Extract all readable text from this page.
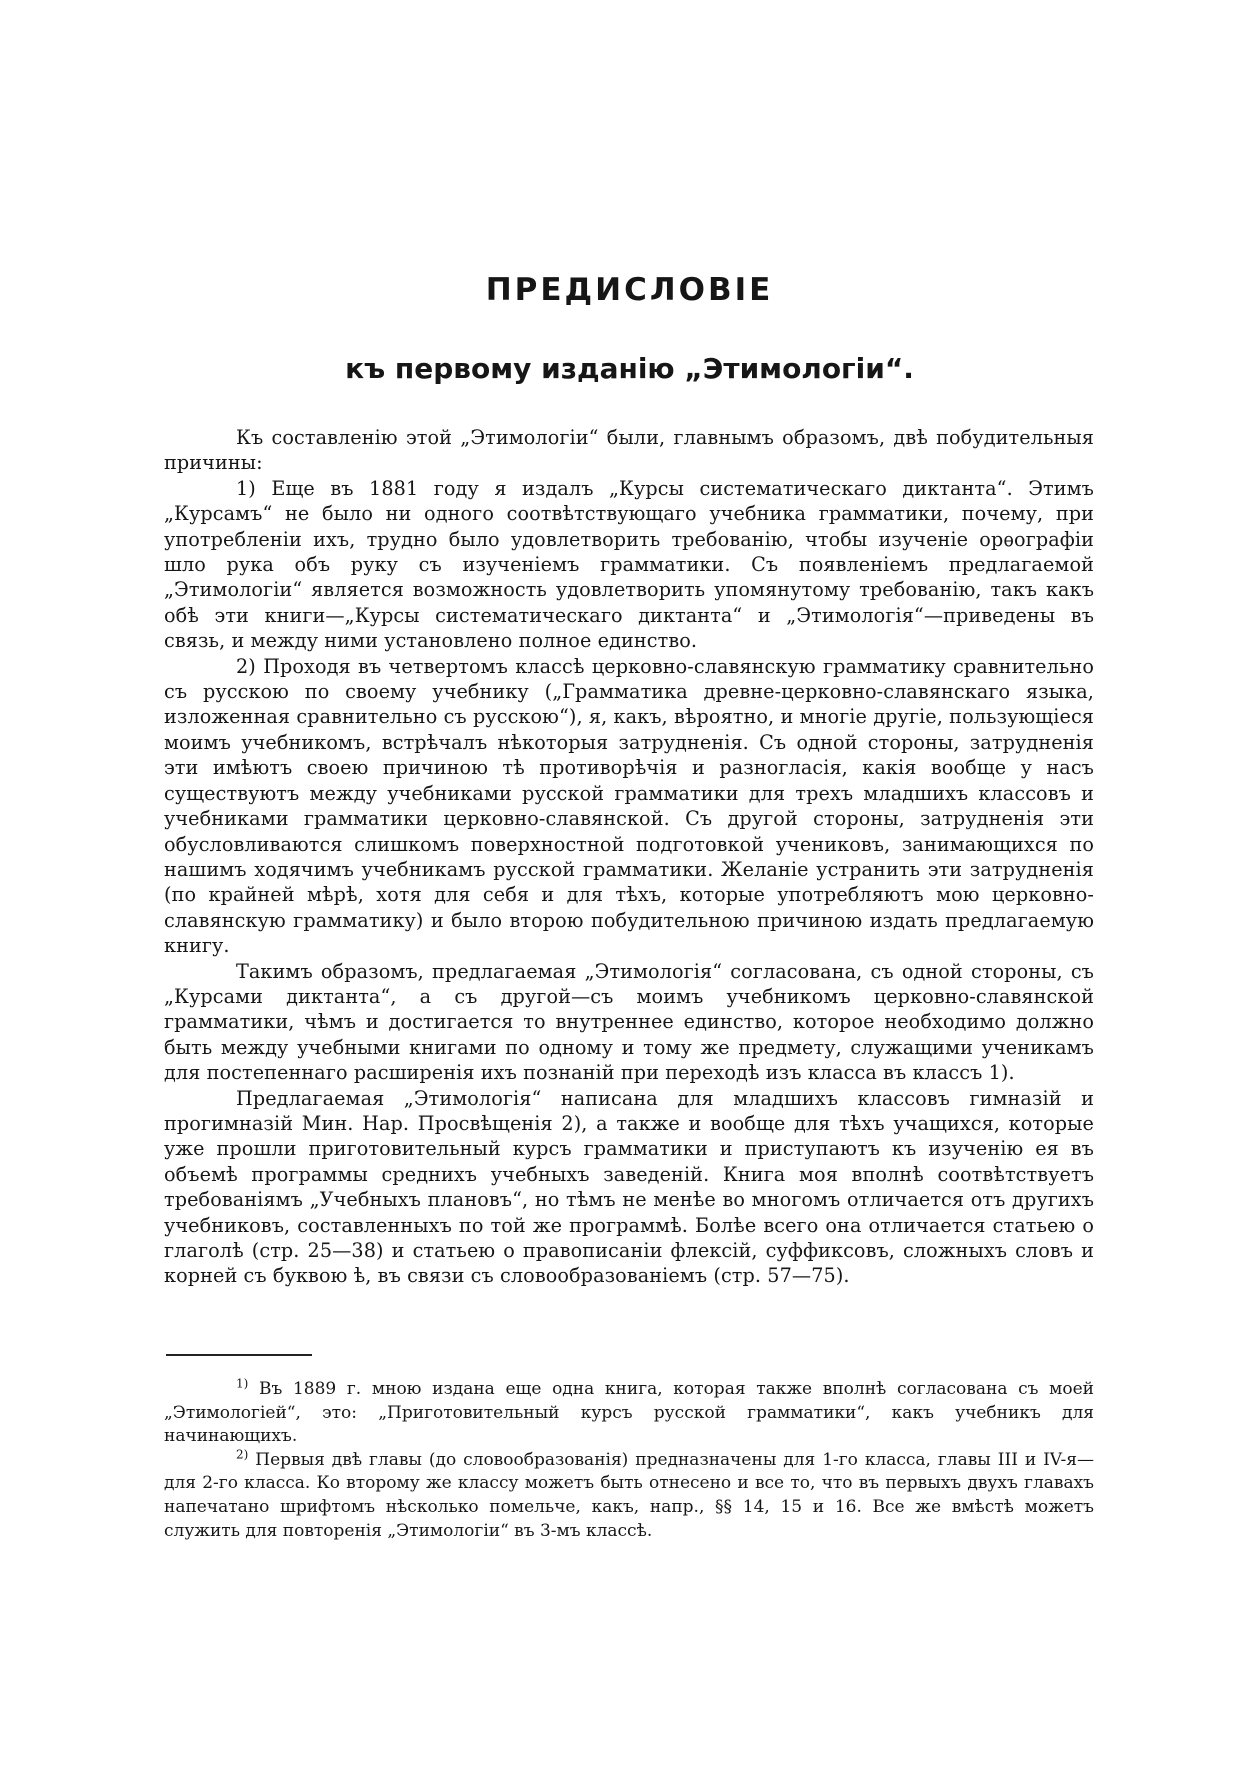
ПРЕДИСЛОВІЕ
къ первому изданію „Этимологіи“.

Къ составленію этой „Этимологіи“ были, главнымъ образомъ, двѣ побудительныя причины:

1) Еще въ 1881 году я издалъ „Курсы систематическаго диктанта“. Этимъ „Курсамъ“ не было ни одного соотвѣтствующаго учебника грамматики, почему, при употребленіи ихъ, трудно было удовлетворить требованію, чтобы изученіе орѳографіи шло рука объ руку съ изученіемъ грамматики. Съ появленіемъ предлагаемой „Этимологіи“ является возможность удовлетворить упомянутому требованію, такъ какъ обѣ эти книги—„Курсы систематическаго диктанта“ и „Этимологія“—приведены въ связь, и между ними установлено полное единство.

2) Проходя въ четвертомъ классѣ церковно-славянскую грамматику сравнительно съ русскою по своему учебнику („Грамматика древне-церковно-славянскаго языка, изложенная сравнительно съ русскою“), я, какъ, вѣроятно, и многіе другіе, пользующіеся моимъ учебникомъ, встрѣчалъ нѣкоторыя затрудненія. Съ одной стороны, затрудненія эти имѣютъ своею причиною тѣ противорѣчія и разногласія, какія вообще у насъ существуютъ между учебниками русской грамматики для трехъ младшихъ классовъ и учебниками грамматики церковно-славянской. Съ другой стороны, затрудненія эти обусловливаются слишкомъ поверхностной подготовкой учениковъ, занимающихся по нашимъ ходячимъ учебникамъ русской грамматики. Желаніе устранить эти затрудненія (по крайней мѣрѣ, хотя для себя и для тѣхъ, которые употребляютъ мою церковно-славянскую грамматику) и было второю побудительною причиною издать предлагаемую книгу.

Такимъ образомъ, предлагаемая „Этимологія“ согласована, съ одной стороны, съ „Курсами диктанта“, а съ другой—съ моимъ учебникомъ церковно-славянской грамматики, чѣмъ и достигается то внутреннее единство, которое необходимо должно быть между учебными книгами по одному и тому же предмету, служащими ученикамъ для постепеннаго расширенія ихъ познаній при переходѣ изъ класса въ классъ 1).

Предлагаемая „Этимологія“ написана для младшихъ классовъ гимназій и прогимназій Мин. Нар. Просвѣщенія 2), а также и вообще для тѣхъ учащихся, которые уже прошли приготовительный курсъ грамматики и приступаютъ къ изученію ея въ объемѣ программы среднихъ учебныхъ заведеній. Книга моя вполнѣ соотвѣтствуетъ требованіямъ „Учебныхъ плановъ“, но тѣмъ не менѣе во многомъ отличается отъ другихъ учебниковъ, составленныхъ по той же программѣ. Болѣе всего она отличается статьею о глаголѣ (стр. 25—38) и статьею о правописаніи флексій, суффиксовъ, сложныхъ словъ и корней съ буквою ѣ, въ связи съ словообразованіемъ (стр. 57—75).

$^{1)}$ Въ 1889 г. мною издана еще одна книга, которая также вполнѣ согласована съ моей „Этимологіей“, это: „Приготовительный курсъ русской грамматики“, какъ учебникъ для начинающихъ.

$^{2)}$ Первыя двѣ главы (до словообразованія) предназначены для 1-го класса, главы III и IV-я—для 2-го класса. Ко второму же классу можетъ быть отнесено и все то, что въ первыхъ двухъ главахъ напечатано шрифтомъ нѣсколько помельче, какъ, напр., §§ 14, 15 и 16. Все же вмѣстѣ можетъ служить для повторенія „Этимологіи“ въ 3-мъ классѣ.
